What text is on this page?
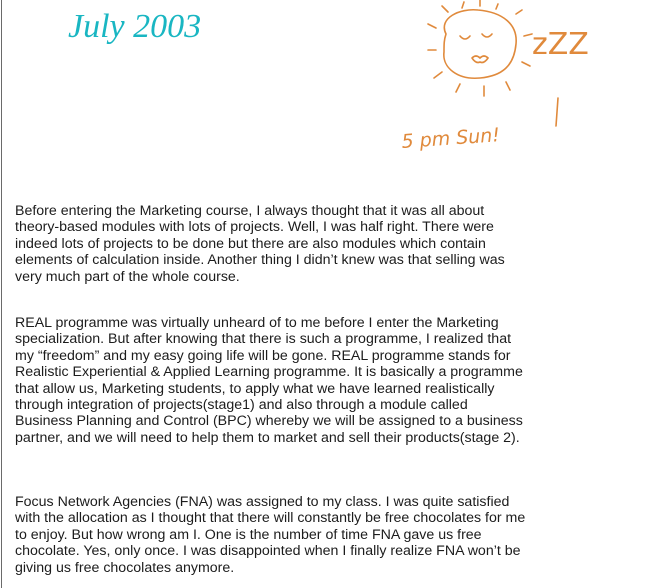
July 2003	zZZ
5 pm Sun!
Before entering the Marketing course, I always thought that it was all about
theory-based modules with lots of projects. Well, I was half right. There were
indeed lots of projects to be done but there are also modules which contain
elements of calculation inside. Another thing I didn’t knew was that selling was
very much part of the whole course.
REAL programme was virtually unheard of to me before I enter the Marketing
specialization. But after knowing that there is such a programme, I realized that
my “freedom” and my easy going life will be gone. REAL programme stands for
Realistic Experiential & Applied Learning programme. It is basically a programme
that allow us, Marketing students, to apply what we have learned realistically
through integration of projects(stage1) and also through a module called
Business Planning and Control (BPC) whereby we will be assigned to a business
partner, and we will need to help them to market and sell their products(stage 2).
Focus Network Agencies (FNA) was assigned to my class. I was quite satisfied
with the allocation as I thought that there will constantly be free chocolates for me
to enjoy. But how wrong am I. One is the number of time FNA gave us free
chocolate. Yes, only once. I was disappointed when I finally realize FNA won’t be
giving us free chocolates anymore.
